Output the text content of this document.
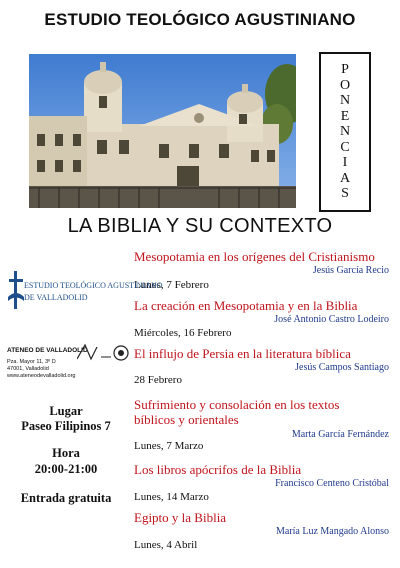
ESTUDIO TEOLÓGICO AGUSTINIANO
P
O
N
E
N
C
I
A
S
LA BIBLIA Y SU CONTEXTO
Mesopotamia en los orígenes del Cristianismo
Jesús García Recio
Lunes, 7 Febrero
La creación en Mesopotamia y en la Biblia
José Antonio Castro Lodeiro
Miércoles, 16 Febrero
El influjo de Persia en la literatura bíblica
Jesús Campos Santiago
28 Febrero
Sufrimiento y consolación en los textos bíblicos y orientales
Marta García Fernández
Lunes, 7 Marzo
Los libros apócrifos de la Biblia
Francisco Centeno Cristóbal
Lunes, 14 Marzo
Egipto y la Biblia
María Luz Mangado Alonso
Lunes, 4 Abril
ESTUDIO TEOLÓGICO AGUSTINIANO
DE VALLADOLID
ATENEO DE VALLADOLID
Pza. Mayor 11, 3º D
47001, Valladolid
www.ateneodevalladolid.org
Lugar
Paseo Filipinos 7
Hora
20:00-21:00
Entrada gratuita
